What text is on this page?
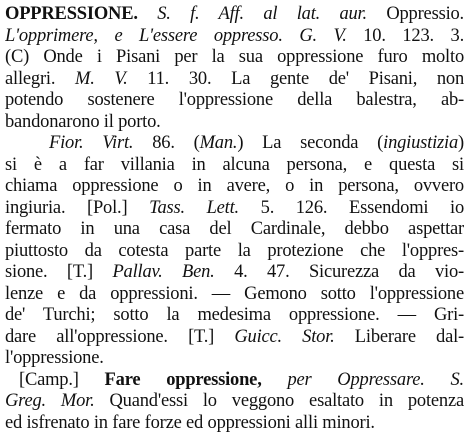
OPPRESSIONE. S. f. Aff. al lat. aur. Oppressio.
L'opprimere, e L'essere oppresso. G. V. 10. 123. 3.
(C) Onde i Pisani per la sua oppressione furo molto
allegri. M. V. 11. 30. La gente de' Pisani, non
potendo sostenere l'oppressione della balestra, ab-
bandonarono il porto.
Fior. Virt. 86. (Man.) La seconda (ingiustizia)
si è a far villania in alcuna persona, e questa si
chiama oppressione o in avere, o in persona, ovvero
ingiuria. [Pol.] Tass. Lett. 5. 126. Essendomi io
fermato in una casa del Cardinale, debbo aspettar
piuttosto da cotesta parte la protezione che l'oppres-
sione. [T.] Pallav. Ben. 4. 47. Sicurezza da vio-
lenze e da oppressioni. — Gemono sotto l'oppressione
de' Turchi; sotto la medesima oppressione. — Gri-
dare all'oppressione. [T.] Guicc. Stor. Liberare dal-
l'oppressione.
[Camp.] Fare oppressione, per Oppressare. S.
Greg. Mor. Quand'essi lo veggono esaltato in potenza
ed isfrenato in fare forze ed oppressioni alli minori.
